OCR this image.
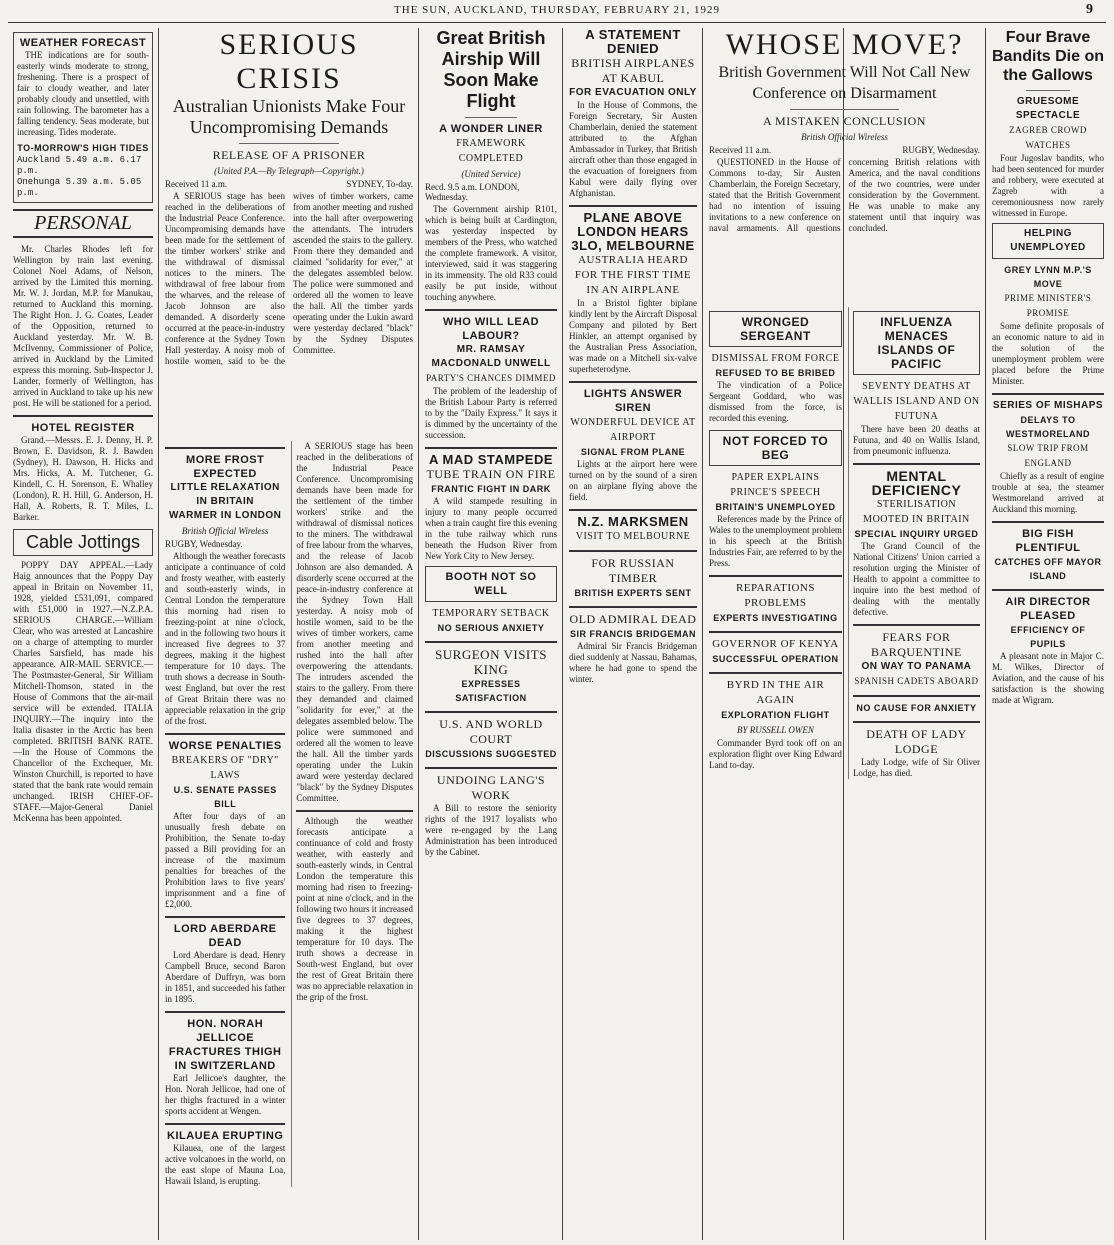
THE SUN, AUCKLAND, THURSDAY, FEBRUARY 21, 1929	9
WEATHER FORECAST

THE indications are for south-easterly winds moderate to strong, freshening. There is a prospect of fair to cloudy weather, and later probably cloudy and unsettled, with rain following. The barometer has a falling tendency. Seas moderate, but increasing. Tides moderate.

TO-MORROW'S HIGH TIDES
Auckland 5.49 a.m. 6.17 p.m.
Onehunga 5.39 a.m. 5.05 p.m.
PERSONAL

Mr. Charles Rhodes left for Wellington by train last evening. Colonel Noel Adams, of Nelson, arrived by the Limited this morning. Mr. W. J. Jordan, M.P. for Manukau, returned to Auckland this morning. The Right Hon. J. G. Coates, Leader of the Opposition, returned to Auckland yesterday. Mr. W. B. McIlvenny, Commissioner of Police, arrived in Auckland by the Limited express this morning. Sub-Inspector J. Lander, formerly of Wellington, has arrived in Auckland to take up his new post. He will be stationed for a period.

HOTEL REGISTER

Grand.—Messrs. E. J. Denny, H. P. Brown, E. Davidson, R. J. Bawden (Sydney), H. Dawson, H. Hicks and Mrs. Hicks, A. M. Tutchener, G. Kindell, C. H. Sorenson, E. Whalley (London), R. H. Hill, G. Anderson, H. Hall, A. Roberts, R. T. Miles, L. Barker.

Cable Jottings

POPPY DAY APPEAL.—Lady Haig announces that the Poppy Day appeal in Britain on November 11, 1928, yielded £531,091, compared with £51,000 in 1927.—N.Z.P.A. SERIOUS CHARGE.—William Clear, who was arrested at Lancashire on a charge of attempting to murder Charles Sarsfield, has made his appearance. AIR-MAIL SERVICE.—The Postmaster-General, Sir William Mitchell-Thomson, stated in the House of Commons that the air-mail service will be extended. ITALIA INQUIRY.—The inquiry into the Italia disaster in the Arctic has been completed. BRITISH BANK RATE.—In the House of Commons the Chancellor of the Exchequer, Mr. Winston Churchill, is reported to have stated that the bank rate would remain unchanged. IRISH CHIEF-OF-STAFF.—Major-General Daniel McKenna has been appointed.

SERIOUS CRISIS
Australian Unionists Make Four Uncompromising Demands
RELEASE OF A PRISONER
(United P.A.—By Telegraph—Copyright.)
Received 11 a.m.	SYDNEY, To-day.

A SERIOUS stage has been reached in the deliberations of the Industrial Peace Conference. Uncompromising demands have been made for the settlement of the timber workers' strike and the withdrawal of dismissal notices to the miners. The withdrawal of free labour from the wharves, and the release of Jacob Johnson are also demanded. A disorderly scene occurred at the peace-in-industry conference at the Sydney Town Hall yesterday. A noisy mob of hostile women, said to be the wives of timber workers, came from another meeting and rushed into the hall after overpowering the attendants. The intruders ascended the stairs to the gallery. From there they demanded and claimed "solidarity for ever," at the delegates assembled below. The police were summoned and ordered all the women to leave the hall. All the timber yards operating under the Lukin award were yesterday declared "black" by the Sydney Disputes Committee.

MORE FROST EXPECTED
LITTLE RELAXATION IN BRITAIN
WARMER IN LONDON
British Official Wireless
RUGBY, Wednesday.

Although the weather forecasts anticipate a continuance of cold and frosty weather, with easterly and south-easterly winds, in Central London the temperature this morning had risen to freezing-point at nine o'clock, and in the following two hours it increased five degrees to 37 degrees, making it the highest temperature for 10 days. The truth shows a decrease in South-west England, but over the rest of Great Britain there was no appreciable relaxation in the grip of the frost.

WORSE PENALTIES
BREAKERS OF "DRY" LAWS
U.S. SENATE PASSES BILL

After four days of an unusually fresh debate on Prohibition, the Senate to-day passed a Bill providing for an increase of the maximum penalties for breaches of the Prohibition laws to five years' imprisonment and a fine of £2,000.

LORD ABERDARE DEAD

Lord Aberdare is dead. Henry Campbell Bruce, second Baron Aberdare of Duffryn, was born in 1851, and succeeded his father in 1895.

HON. NORAH JELLICOE FRACTURES THIGH IN SWITZERLAND

Earl Jellicoe's daughter, the Hon. Norah Jellicoe, had one of her thighs fractured in a winter sports accident at Wengen.

KILAUEA ERUPTING

Kilauea, one of the largest active volcanoes in the world, on the east slope of Mauna Loa, Hawaii Island, is erupting.

A SERIOUS stage has been reached in the deliberations of the Industrial Peace Conference. Uncompromising demands have been made for the settlement of the timber workers' strike and the withdrawal of dismissal notices to the miners. The withdrawal of free labour from the wharves, and the release of Jacob Johnson are also demanded. A disorderly scene occurred at the peace-in-industry conference at the Sydney Town Hall yesterday. A noisy mob of hostile women, said to be the wives of timber workers, came from another meeting and rushed into the hall after overpowering the attendants. The intruders ascended the stairs to the gallery. From there they demanded and claimed "solidarity for ever," at the delegates assembled below. The police were summoned and ordered all the women to leave the hall. All the timber yards operating under the Lukin award were yesterday declared "black" by the Sydney Disputes Committee.

Although the weather forecasts anticipate a continuance of cold and frosty weather, with easterly and south-easterly winds, in Central London the temperature this morning had risen to freezing-point at nine o'clock, and in the following two hours it increased five degrees to 37 degrees, making it the highest temperature for 10 days. The truth shows a decrease in South-west England, but over the rest of Great Britain there was no appreciable relaxation in the grip of the frost.

Great British Airship Will Soon Make Flight
A WONDER LINER
FRAMEWORK COMPLETED
(United Service)
Recd. 9.5 a.m. LONDON, Wednesday.

The Government airship R101, which is being built at Cardington, was yesterday inspected by members of the Press, who watched the complete framework. A visitor, interviewed, said it was staggering in its immensity. The old R33 could easily be put inside, without touching anywhere.

WHO WILL LEAD LABOUR?
MR. RAMSAY MACDONALD UNWELL
PARTY'S CHANCES DIMMED

The problem of the leadership of the British Labour Party is referred to by the "Daily Express." It says it is dimmed by the uncertainty of the succession.

A MAD STAMPEDE
TUBE TRAIN ON FIRE
FRANTIC FIGHT IN DARK

A wild stampede resulting in injury to many people occurred when a train caught fire this evening in the tube railway which runs beneath the Hudson River from New York City to New Jersey.

BOOTH NOT SO WELL
TEMPORARY SETBACK
NO SERIOUS ANXIETY
SURGEON VISITS KING
EXPRESSES SATISFACTION
U.S. AND WORLD COURT
DISCUSSIONS SUGGESTED
UNDOING LANG'S WORK

A Bill to restore the seniority rights of the 1917 loyalists who were re-engaged by the Lang Administration has been introduced by the Cabinet.

A STATEMENT DENIED
BRITISH AIRPLANES AT KABUL
FOR EVACUATION ONLY

In the House of Commons, the Foreign Secretary, Sir Austen Chamberlain, denied the statement attributed to the Afghan Ambassador in Turkey, that British aircraft other than those engaged in the evacuation of foreigners from Kabul were daily flying over Afghanistan.

PLANE ABOVE LONDON HEARS 3LO, MELBOURNE
AUSTRALIA HEARD FOR THE FIRST TIME IN AN AIRPLANE

In a Bristol fighter biplane kindly lent by the Aircraft Disposal Company and piloted by Bert Hinkler, an attempt organised by the Australian Press Association, was made on a Mitchell six-valve superheterodyne.

LIGHTS ANSWER SIREN
WONDERFUL DEVICE AT AIRPORT
SIGNAL FROM PLANE

Lights at the airport here were turned on by the sound of a siren on an airplane flying above the field.

N.Z. MARKSMEN
VISIT TO MELBOURNE
FOR RUSSIAN TIMBER
BRITISH EXPERTS SENT
OLD ADMIRAL DEAD
SIR FRANCIS BRIDGEMAN

Admiral Sir Francis Bridgeman died suddenly at Nassau, Bahamas, where he had gone to spend the winter.

WHOSE MOVE?
British Government Will Not Call New Conference on Disarmament
A MISTAKEN CONCLUSION
British Official Wireless
Received 11 a.m.	RUGBY, Wednesday.

QUESTIONED in the House of Commons to-day, Sir Austen Chamberlain, the Foreign Secretary, stated that the British Government had no intention of issuing invitations to a new conference on naval armaments. All questions concerning British relations with America, and the naval conditions of the two countries, were under consideration by the Government. He was unable to make any statement until that inquiry was concluded.

WRONGED SERGEANT
DISMISSAL FROM FORCE
REFUSED TO BE BRIBED

The vindication of a Police Sergeant Goddard, who was dismissed from the force, is recorded this evening.

NOT FORCED TO BEG
PAPER EXPLAINS PRINCE'S SPEECH
BRITAIN'S UNEMPLOYED

References made by the Prince of Wales to the unemployment problem in his speech at the British Industries Fair, are referred to by the Press.

REPARATIONS PROBLEMS
EXPERTS INVESTIGATING
GOVERNOR OF KENYA
SUCCESSFUL OPERATION
BYRD IN THE AIR AGAIN
EXPLORATION FLIGHT
BY RUSSELL OWEN

Commander Byrd took off on an exploration flight over King Edward Land to-day.

INFLUENZA MENACES ISLANDS OF PACIFIC
SEVENTY DEATHS AT WALLIS ISLAND AND ON FUTUNA

There have been 20 deaths at Futuna, and 40 on Wallis Island, from pneumonic influenza.

MENTAL DEFICIENCY
STERILISATION MOOTED IN BRITAIN
SPECIAL INQUIRY URGED

The Grand Council of the National Citizens' Union carried a resolution urging the Minister of Health to appoint a committee to inquire into the best method of dealing with the mentally defective.

FEARS FOR BARQUENTINE
ON WAY TO PANAMA
SPANISH CADETS ABOARD
NO CAUSE FOR ANXIETY
DEATH OF LADY LODGE

Lady Lodge, wife of Sir Oliver Lodge, has died.

Four Brave Bandits Die on the Gallows
GRUESOME SPECTACLE
ZAGREB CROWD WATCHES

Four Jugoslav bandits, who had been sentenced for murder and robbery, were executed at Zagreb with a ceremoniousness now rarely witnessed in Europe.

HELPING UNEMPLOYED
GREY LYNN M.P.'S MOVE
PRIME MINISTER'S PROMISE

Some definite proposals of an economic nature to aid in the solution of the unemployment problem were placed before the Prime Minister.

SERIES OF MISHAPS
DELAYS TO WESTMORELAND
SLOW TRIP FROM ENGLAND

Chiefly as a result of engine trouble at sea, the steamer Westmoreland arrived at Auckland this morning.

BIG FISH PLENTIFUL
CATCHES OFF MAYOR ISLAND
AIR DIRECTOR PLEASED
EFFICIENCY OF PUPILS

A pleasant note in Major C. M. Wilkes, Director of Aviation, and the cause of his satisfaction is the showing made at Wigram.
